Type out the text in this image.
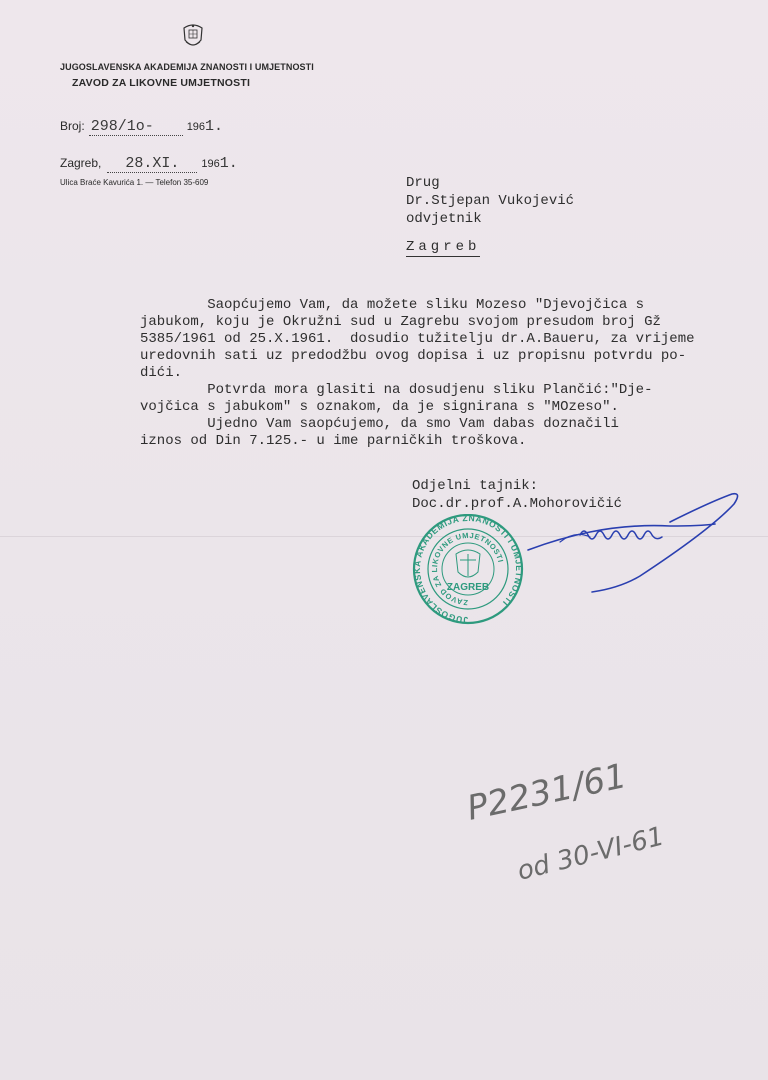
JUGOSLAVENSKA AKADEMIJA ZNANOSTI I UMJETNOSTI
ZAVOD ZA LIKOVNE UMJETNOSTI
Broj: 298/1o-	196 1.
Zagreb,	28.XI.	196 1.
Ulica Braće Kavurića 1. — Telefon 35-609	Drug
Dr.Stjepan Vukojević
odvjetnik
Zagreb
Saopćujemo Vam, da možete sliku Mozeso "Djevojčica s
jabukom, koju je Okružni sud u Zagrebu svojom presudom broj Gž
5385/1961 od 25.X.1961.  dosudio tužitelju dr.A.Baueru, za vrijeme
uredovnih sati uz predodžbu ovog dopisa i uz propisnu potvrdu po-
dići.
Potvrda mora glasiti na dosudjenu sliku Plančić:"Dje-
vojčica s jabukom" s oznakom, da je signirana s "MOzeso".
Ujedno Vam saopćujemo, da smo Vam dabas doznačili
iznos od Din 7.125.- u ime parničkih troškova.
Odjelni tajnik:
Doc.dr.prof.A.Mohorovičić
JUGOSLAVENSKA AKADEMIJA ZNANOSTI I UMJETNOSTI
ZAVOD ZA LIKOVNE UMJETNOSTI
ZAGREB
P2231/61
od 30-VI-61
